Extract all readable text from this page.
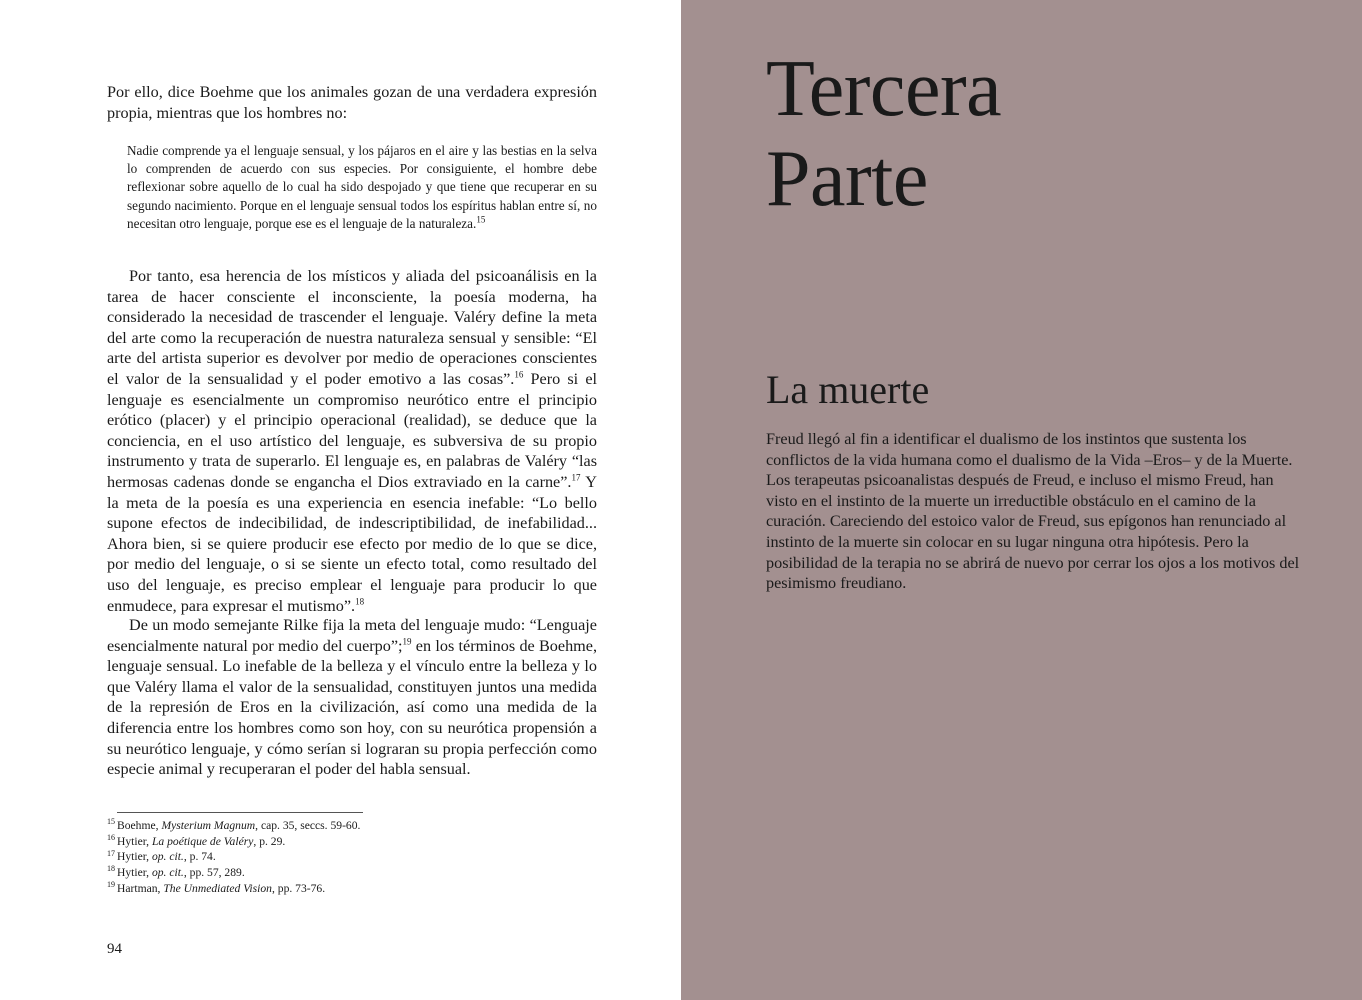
Por ello, dice Boehme que los animales gozan de una verdadera expresión propia, mientras que los hombres no:

Nadie comprende ya el lenguaje sensual, y los pájaros en el aire y las bestias en la selva lo comprenden de acuerdo con sus especies. Por consiguiente, el hombre debe reflexionar sobre aquello de lo cual ha sido despojado y que tiene que recuperar en su segundo nacimiento. Porque en el lenguaje sensual todos los espíritus hablan entre sí, no necesitan otro lenguaje, porque ese es el lenguaje de la naturaleza.$^{15}$

Por tanto, esa herencia de los místicos y aliada del psicoanálisis en la tarea de hacer consciente el inconsciente, la poesía moderna, ha considerado la necesidad de trascender el lenguaje. Valéry define la meta del arte como la recuperación de nuestra naturaleza sensual y sensible: “El arte del artista superior es devolver por medio de operaciones conscientes el valor de la sensualidad y el poder emotivo a las cosas”.$^{16}$ Pero si el lenguaje es esencialmente un compromiso neurótico entre el principio erótico (placer) y el principio operacional (realidad), se deduce que la conciencia, en el uso artístico del lenguaje, es subversiva de su propio instrumento y trata de superarlo. El lenguaje es, en palabras de Valéry “las hermosas cadenas donde se engancha el Dios extraviado en la carne”.$^{17}$ Y la meta de la poesía es una experiencia en esencia inefable: “Lo bello supone efectos de indecibilidad, de indescriptibilidad, de inefabilidad... Ahora bien, si se quiere producir ese efecto por medio de lo que se dice, por medio del lenguaje, o si se siente un efecto total, como resultado del uso del lenguaje, es preciso emplear el lenguaje para producir lo que enmudece, para expresar el mutismo”.$^{18}$

De un modo semejante Rilke fija la meta del lenguaje mudo: “Lenguaje esencialmente natural por medio del cuerpo”;$^{19}$ en los términos de Boehme, lenguaje sensual. Lo inefable de la belleza y el vínculo entre la belleza y lo que Valéry llama el valor de la sensualidad, constituyen juntos una medida de la represión de Eros en la civilización, así como una medida de la diferencia entre los hombres como son hoy, con su neurótica propensión a su neurótico lenguaje, y cómo serían si lograran su propia perfección como especie animal y recuperaran el poder del habla sensual.

$^{15}$ Boehme, Mysterium Magnum, cap. 35, seccs. 59-60.
$^{16}$ Hytier, La poétique de Valéry, p. 29.
$^{17}$ Hytier, op. cit., p. 74.
$^{18}$ Hytier, op. cit., pp. 57, 289.
$^{19}$ Hartman, The Unmediated Vision, pp. 73-76.
94
Tercera
Parte
La muerte

Freud llegó al fin a identificar el dualismo de los instintos que sustenta los conflictos de la vida humana como el dualismo de la Vida –Eros– y de la Muerte. Los terapeutas psicoanalistas después de Freud, e incluso el mismo Freud, han visto en el instinto de la muerte un irreductible obstáculo en el camino de la curación. Careciendo del estoico valor de Freud, sus epígonos han renunciado al instinto de la muerte sin colocar en su lugar ninguna otra hipótesis. Pero la posibilidad de la terapia no se abrirá de nuevo por cerrar los ojos a los motivos del pesimismo freudiano.
